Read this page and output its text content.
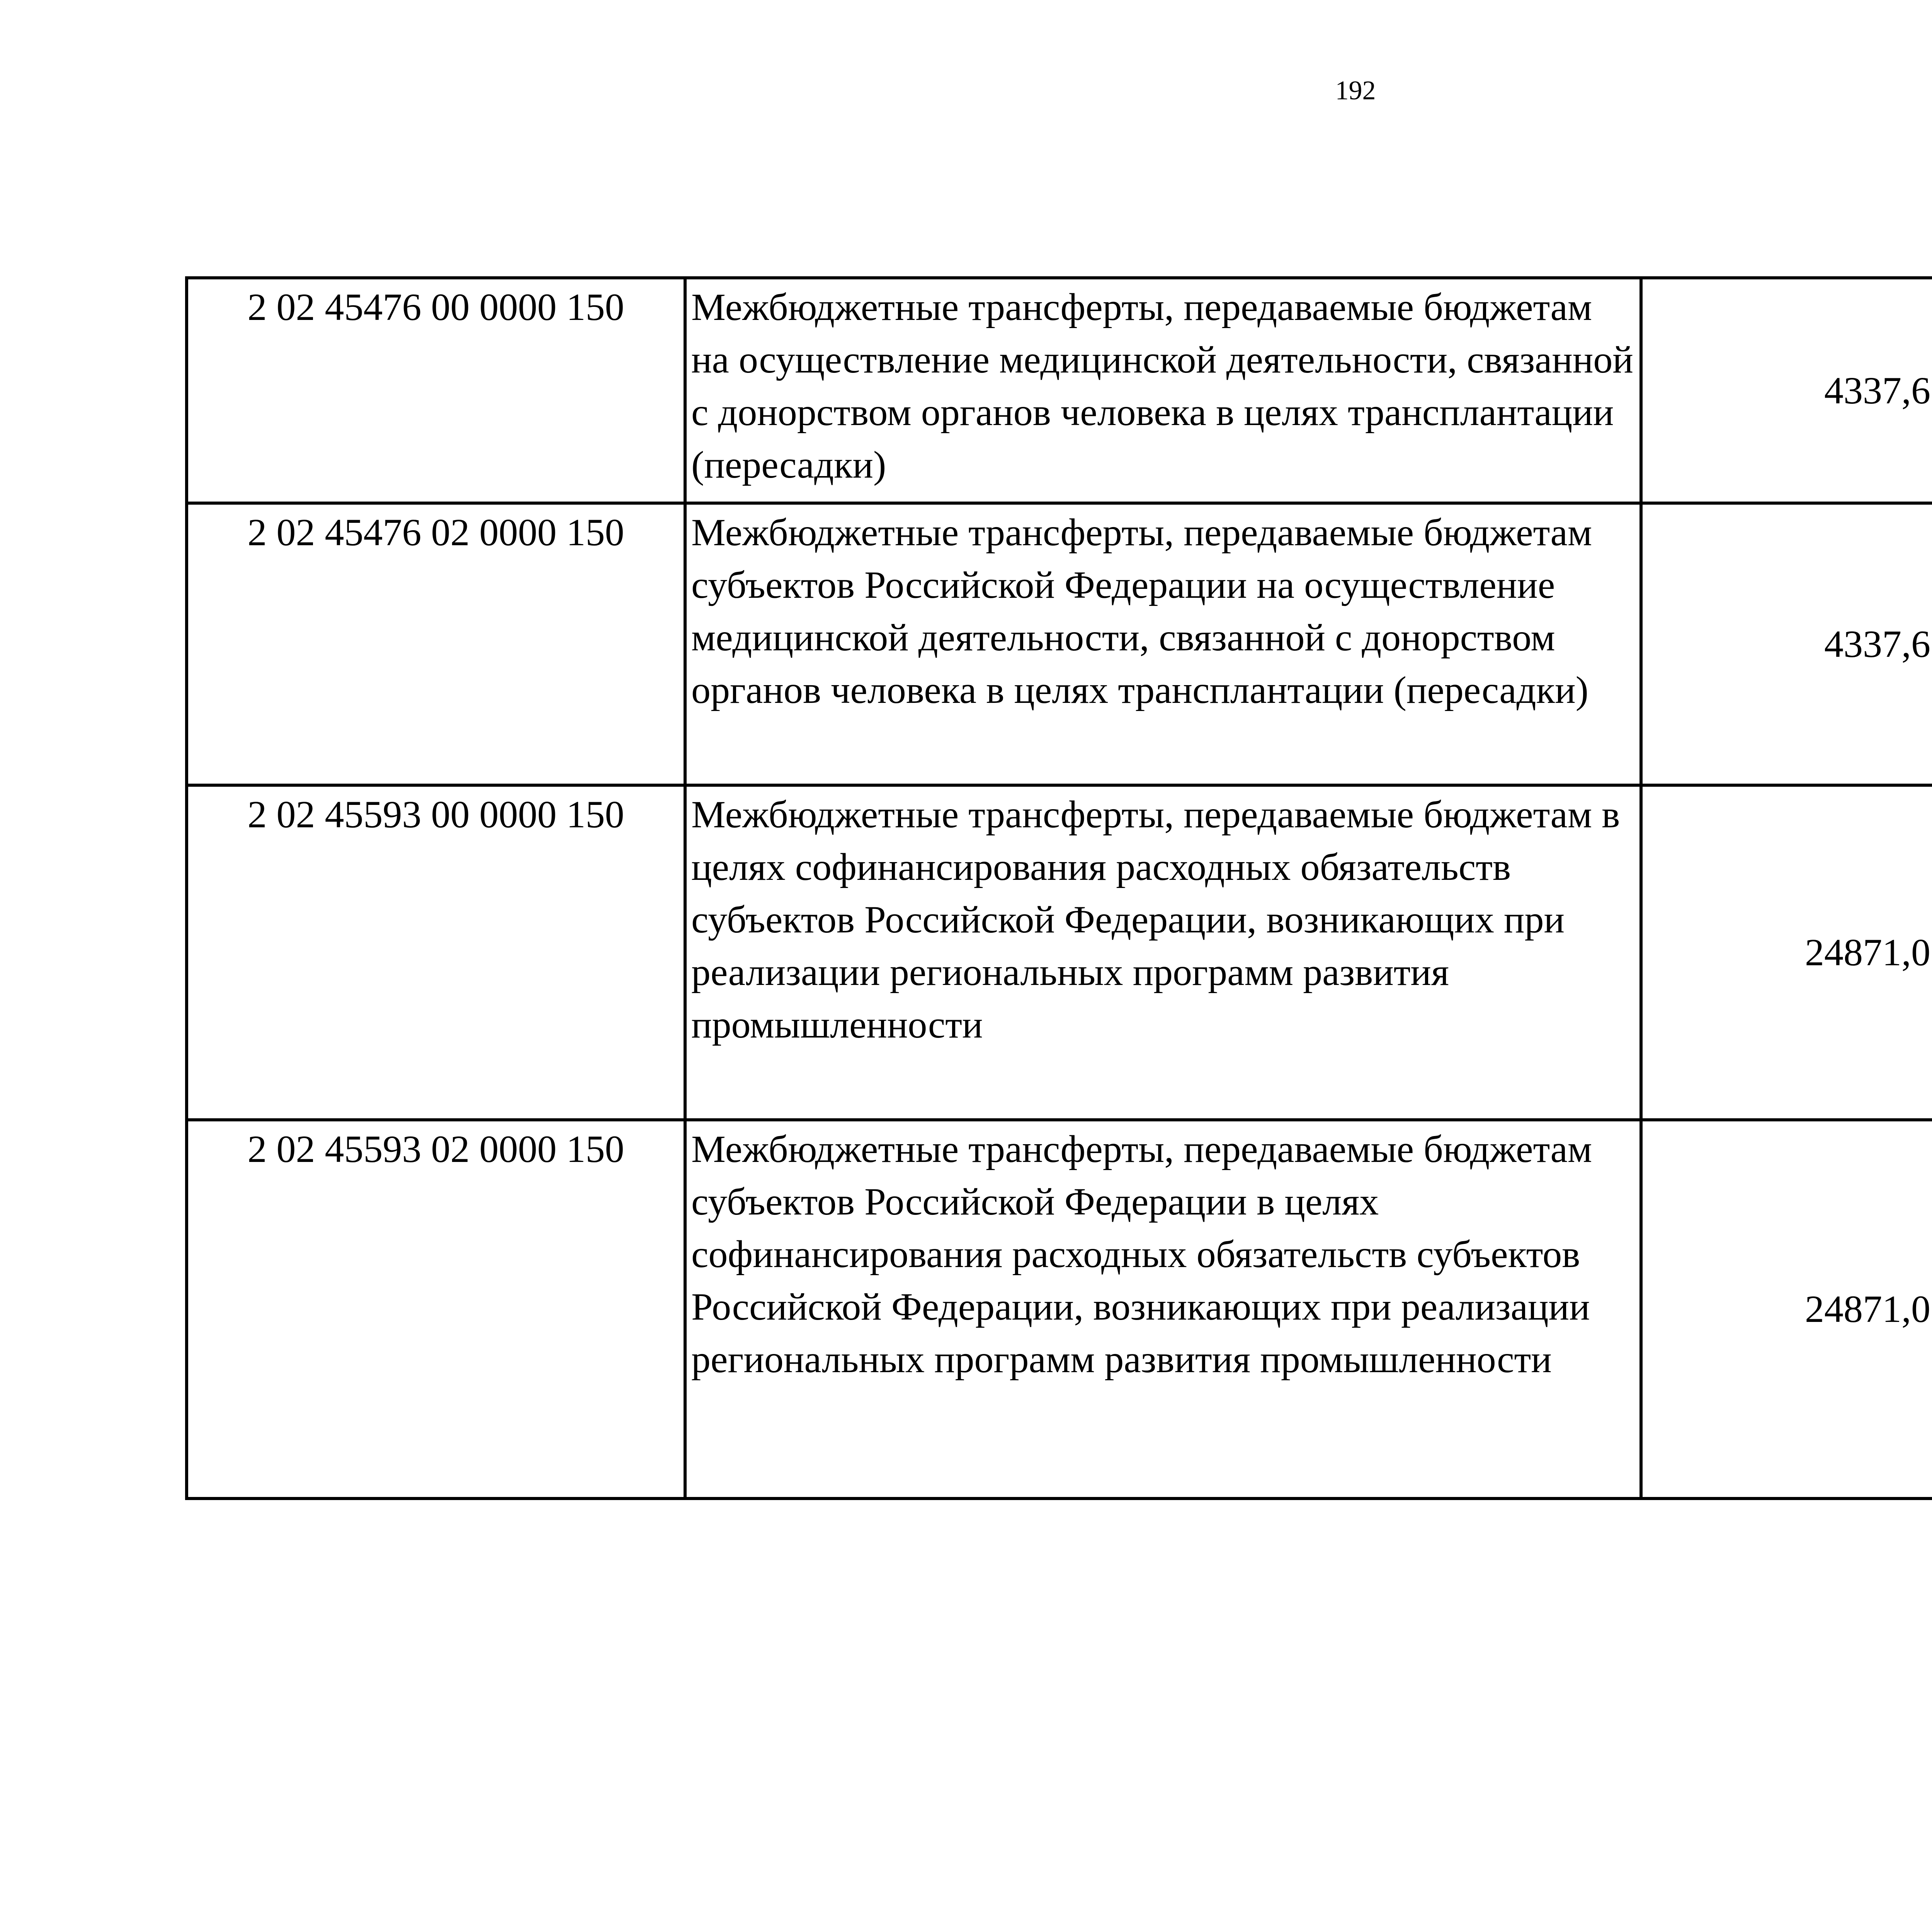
192
2 02 45476 00 0000 150	Межбюджетные трансферты, передаваемые бюджетам на осуществление медицинской деятельности, связанной с донорством органов человека в целях трансплантации (пересадки)	4337,6		
2 02 45476 02 0000 150	Межбюджетные трансферты, передаваемые бюджетам субъектов Российской Федерации на осуществление медицинской деятельности, связанной с донорством органов человека в целях трансплантации (пересадки)	4337,6		
2 02 45593 00 0000 150	Межбюджетные трансферты, передаваемые бюджетам в целях софинансирования расходных обязательств субъектов Российской Федерации, возникающих при реализации региональных программ развития промышленности	24871,0		
2 02 45593 02 0000 150	Межбюджетные трансферты, передаваемые бюджетам субъектов Российской Федерации в целях софинансирования расходных обязательств субъектов Российской Федерации, возникающих при реализации региональных программ развития промышленности	24871,0		
